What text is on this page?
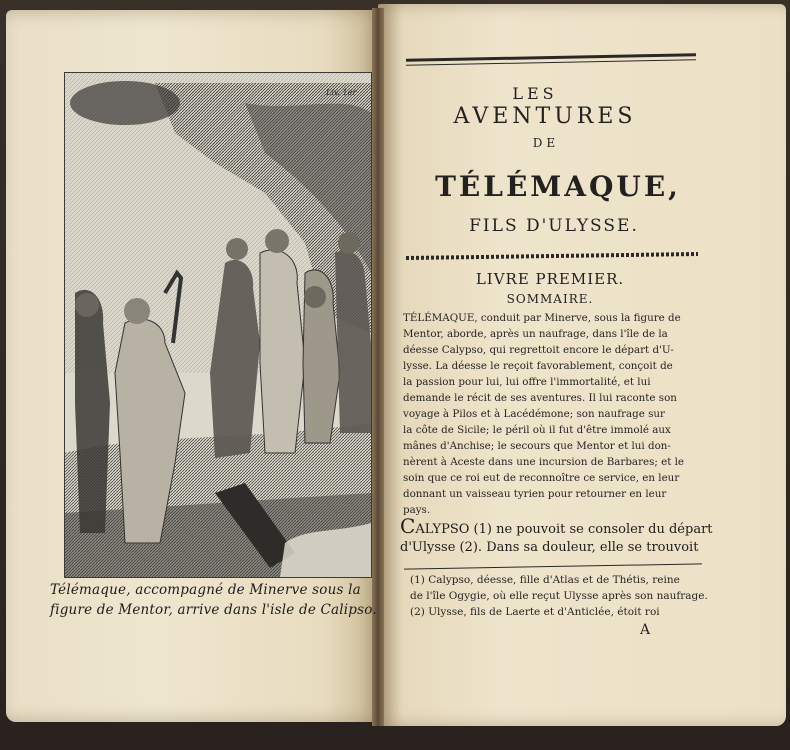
Liv. 1er
Télémaque, accompagné de Minerve sous la
figure de Mentor, arrive dans l'isle de Calipso.
LES
AVENTURES
DE
TÉLÉMAQUE,
FILS D'ULYSSE.
LIVRE PREMIER.
SOMMAIRE.
TÉLÉMAQUE, conduit par Minerve, sous la figure de
Mentor, aborde, après un naufrage, dans l'île de la
déesse Calypso, qui regrettoit encore le départ d'U-
lysse. La déesse le reçoit favorablement, conçoit de
la passion pour lui, lui offre l'immortalité, et lui
demande le récit de ses aventures. Il lui raconte son
voyage à Pilos et à Lacédémone; son naufrage sur
la côte de Sicile; le péril où il fut d'être immolé aux
mânes d'Anchise; le secours que Mentor et lui don-
nèrent à Aceste dans une incursion de Barbares; et le
soin que ce roi eut de reconnoître ce service, en leur
donnant un vaisseau tyrien pour retourner en leur
pays.
CALYPSO (1) ne pouvoit se consoler du départ
d'Ulysse (2). Dans sa douleur, elle se trouvoit
(1) Calypso, déesse, fille d'Atlas et de Thétis, reine
de l'île Ogygie, où elle reçut Ulysse après son naufrage.
(2) Ulysse, fils de Laerte et d'Anticlée, étoit roi
A
